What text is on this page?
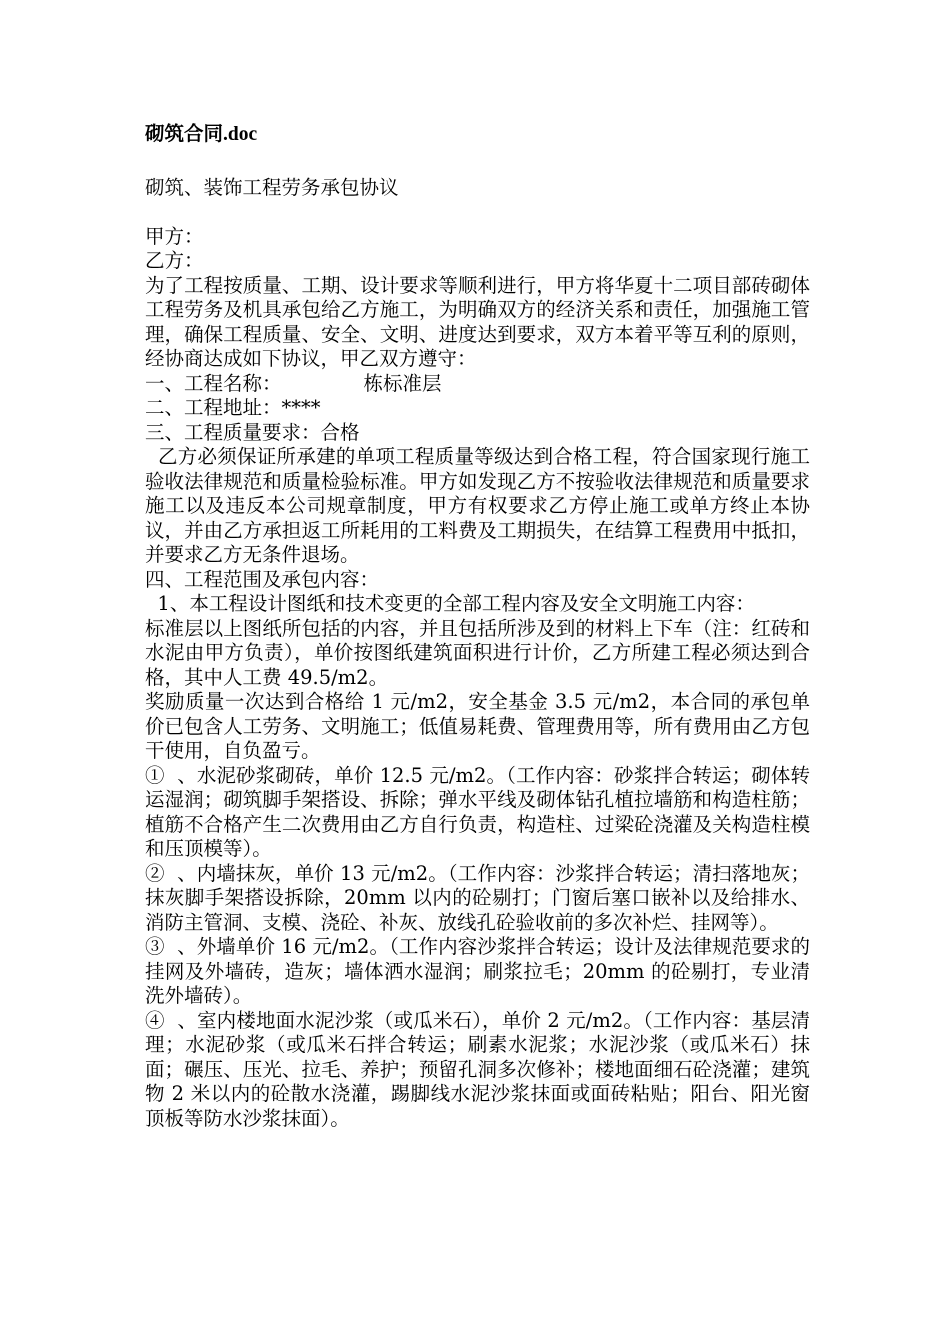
砌筑合同.doc

砌筑、装饰工程劳务承包协议

甲方：

乙方：

为了工程按质量、工期、设计要求等顺利进行，甲方将华夏十二项目部砖砌体工程劳务及机具承包给乙方施工，为明确双方的经济关系和责任，加强施工管理，确保工程质量、安全、文明、进度达到要求，双方本着平等互利的原则，经协商达成如下协议，甲乙双方遵守：

一、工程名称：	栋标准层

二、工程地址：****

三、工程质量要求：合格

乙方必须保证所承建的单项工程质量等级达到合格工程，符合国家现行施工验收法律规范和质量检验标准。甲方如发现乙方不按验收法律规范和质量要求施工以及违反本公司规章制度，甲方有权要求乙方停止施工或单方终止本协议，并由乙方承担返工所耗用的工料费及工期损失，在结算工程费用中抵扣，并要求乙方无条件退场。

四、工程范围及承包内容：

1、本工程设计图纸和技术变更的全部工程内容及安全文明施工内容：

标准层以上图纸所包括的内容，并且包括所涉及到的材料上下车（注：红砖和水泥由甲方负责），单价按图纸建筑面积进行计价，乙方所建工程必须达到合格，其中人工费 49.5/m2。

奖励质量一次达到合格给 1 元/m2，安全基金 3.5 元/m2，本合同的承包单价已包含人工劳务、文明施工；低值易耗费、管理费用等，所有费用由乙方包干使用，自负盈亏。

①  、水泥砂浆砌砖，单价 12.5 元/m2。（工作内容：砂浆拌合转运；砌体转运湿润；砌筑脚手架搭设、拆除；弹水平线及砌体钻孔植拉墙筋和构造柱筋；植筋不合格产生二次费用由乙方自行负责，构造柱、过梁砼浇灌及关构造柱模和压顶模等）。

②  、内墙抹灰，单价 13 元/m2。（工作内容：沙浆拌合转运；清扫落地灰；抹灰脚手架搭设拆除，20mm 以内的砼剔打；门窗后塞口嵌补以及给排水、消防主管洞、支模、浇砼、补灰、放线孔砼验收前的多次补烂、挂网等）。

③  、外墙单价 16 元/m2。（工作内容沙浆拌合转运；设计及法律规范要求的挂网及外墙砖，造灰；墙体洒水湿润；刷浆拉毛；20mm 的砼剔打，专业清洗外墙砖）。

④  、室内楼地面水泥沙浆（或瓜米石），单价 2 元/m2。（工作内容：基层清理；水泥砂浆（或瓜米石拌合转运；刷素水泥浆；水泥沙浆（或瓜米石）抹面；碾压、压光、拉毛、养护；预留孔洞多次修补；楼地面细石砼浇灌；建筑物 2 米以内的砼散水浇灌，踢脚线水泥沙浆抹面或面砖粘贴；阳台、阳光窗顶板等防水沙浆抹面）。
